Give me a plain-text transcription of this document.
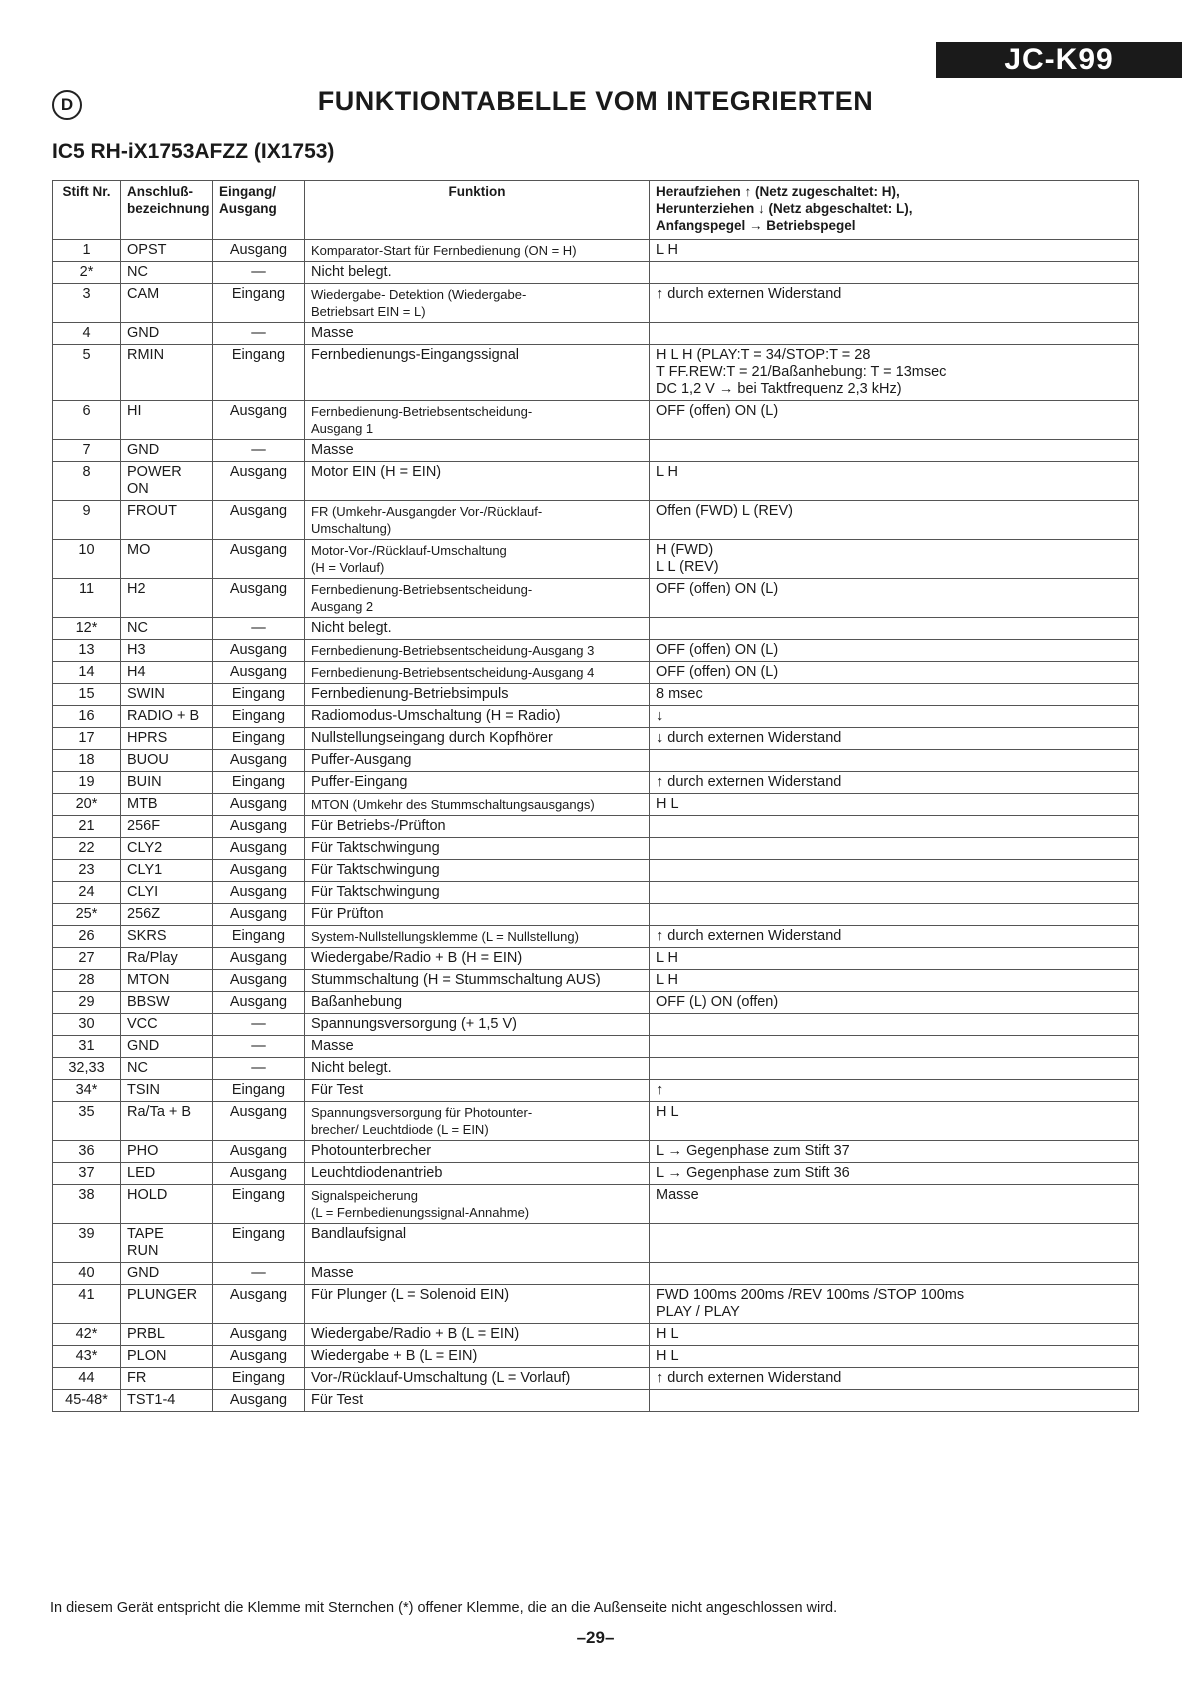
JC-K99
D	FUNKTIONTABELLE VOM INTEGRIERTEN
IC5 RH-iX1753AFZZ (IX1753)
Stift Nr.	Anschluß-
bezeichnung	Eingang/
Ausgang	Funktion	Heraufziehen ↑ (Netz zugeschaltet: H),
Herunterziehen ↓ (Netz abgeschaltet: L),
Anfangspegel → Betriebspegel
1	OPST	Ausgang	Komparator-Start für Fernbedienung (ON = H)	L H
2*	NC	—	Nicht belegt.	
3	CAM	Eingang	Wiedergabe- Detektion (Wiedergabe-
Betriebsart EIN = L)	↑ durch externen Widerstand
4	GND	—	Masse	
5	RMIN	Eingang	Fernbedienungs-Eingangssignal	H L H (PLAY:T = 34/STOP:T = 28
T FF.REW:T = 21/Baßanhebung: T = 13msec
DC 1,2 V → bei Taktfrequenz 2,3 kHz)
6	HI	Ausgang	Fernbedienung-Betriebsentscheidung-
Ausgang 1	OFF (offen) ON (L)
7	GND	—	Masse	
8	POWER
ON	Ausgang	Motor EIN (H = EIN)	L H
9	FROUT	Ausgang	FR (Umkehr-Ausgangder Vor-/Rücklauf-
Umschaltung)	Offen (FWD) L (REV)
10	MO	Ausgang	Motor-Vor-/Rücklauf-Umschaltung
(H = Vorlauf)	H (FWD)
L L (REV)
11	H2	Ausgang	Fernbedienung-Betriebsentscheidung-
Ausgang 2	OFF (offen) ON (L)
12*	NC	—	Nicht belegt.	
13	H3	Ausgang	Fernbedienung-Betriebsentscheidung-Ausgang 3	OFF (offen) ON (L)
14	H4	Ausgang	Fernbedienung-Betriebsentscheidung-Ausgang 4	OFF (offen) ON (L)
15	SWIN	Eingang	Fernbedienung-Betriebsimpuls	8 msec
16	RADIO + B	Eingang	Radiomodus-Umschaltung (H = Radio)	↓
17	HPRS	Eingang	Nullstellungseingang durch Kopfhörer	↓ durch externen Widerstand
18	BUOU	Ausgang	Puffer-Ausgang	
19	BUIN	Eingang	Puffer-Eingang	↑ durch externen Widerstand
20*	MTB	Ausgang	MTON (Umkehr des Stummschaltungsausgangs)	H L
21	256F	Ausgang	Für Betriebs-/Prüfton	
22	CLY2	Ausgang	Für Taktschwingung	
23	CLY1	Ausgang	Für Taktschwingung	
24	CLYI	Ausgang	Für Taktschwingung	
25*	256Z	Ausgang	Für Prüfton	
26	SKRS	Eingang	System-Nullstellungsklemme (L = Nullstellung)	↑ durch externen Widerstand
27	Ra/Play	Ausgang	Wiedergabe/Radio + B (H = EIN)	L H
28	MTON	Ausgang	Stummschaltung (H = Stummschaltung AUS)	L H
29	BBSW	Ausgang	Baßanhebung	OFF (L) ON (offen)
30	VCC	—	Spannungsversorgung (+ 1,5 V)	
31	GND	—	Masse	
32,33	NC	—	Nicht belegt.	
34*	TSIN	Eingang	Für Test	↑
35	Ra/Ta + B	Ausgang	Spannungsversorgung für Photounter-
brecher/ Leuchtdiode (L = EIN)	H L
36	PHO	Ausgang	Photounterbrecher	L → Gegenphase zum Stift 37
37	LED	Ausgang	Leuchtdiodenantrieb	L → Gegenphase zum Stift 36
38	HOLD	Eingang	Signalspeicherung
(L = Fernbedienungssignal-Annahme)	Masse
39	TAPE
RUN	Eingang	Bandlaufsignal	
40	GND	—	Masse	
41	PLUNGER	Ausgang	Für Plunger (L = Solenoid EIN)	FWD 100ms 200ms /REV 100ms /STOP 100ms
PLAY / PLAY
42*	PRBL	Ausgang	Wiedergabe/Radio + B (L = EIN)	H L
43*	PLON	Ausgang	Wiedergabe + B (L = EIN)	H L
44	FR	Eingang	Vor-/Rücklauf-Umschaltung (L = Vorlauf)	↑ durch externen Widerstand
45-48*	TST1-4	Ausgang	Für Test	
In diesem Gerät entspricht die Klemme mit Sternchen (*) offener Klemme, die an die Außenseite nicht angeschlossen wird.
–29–
